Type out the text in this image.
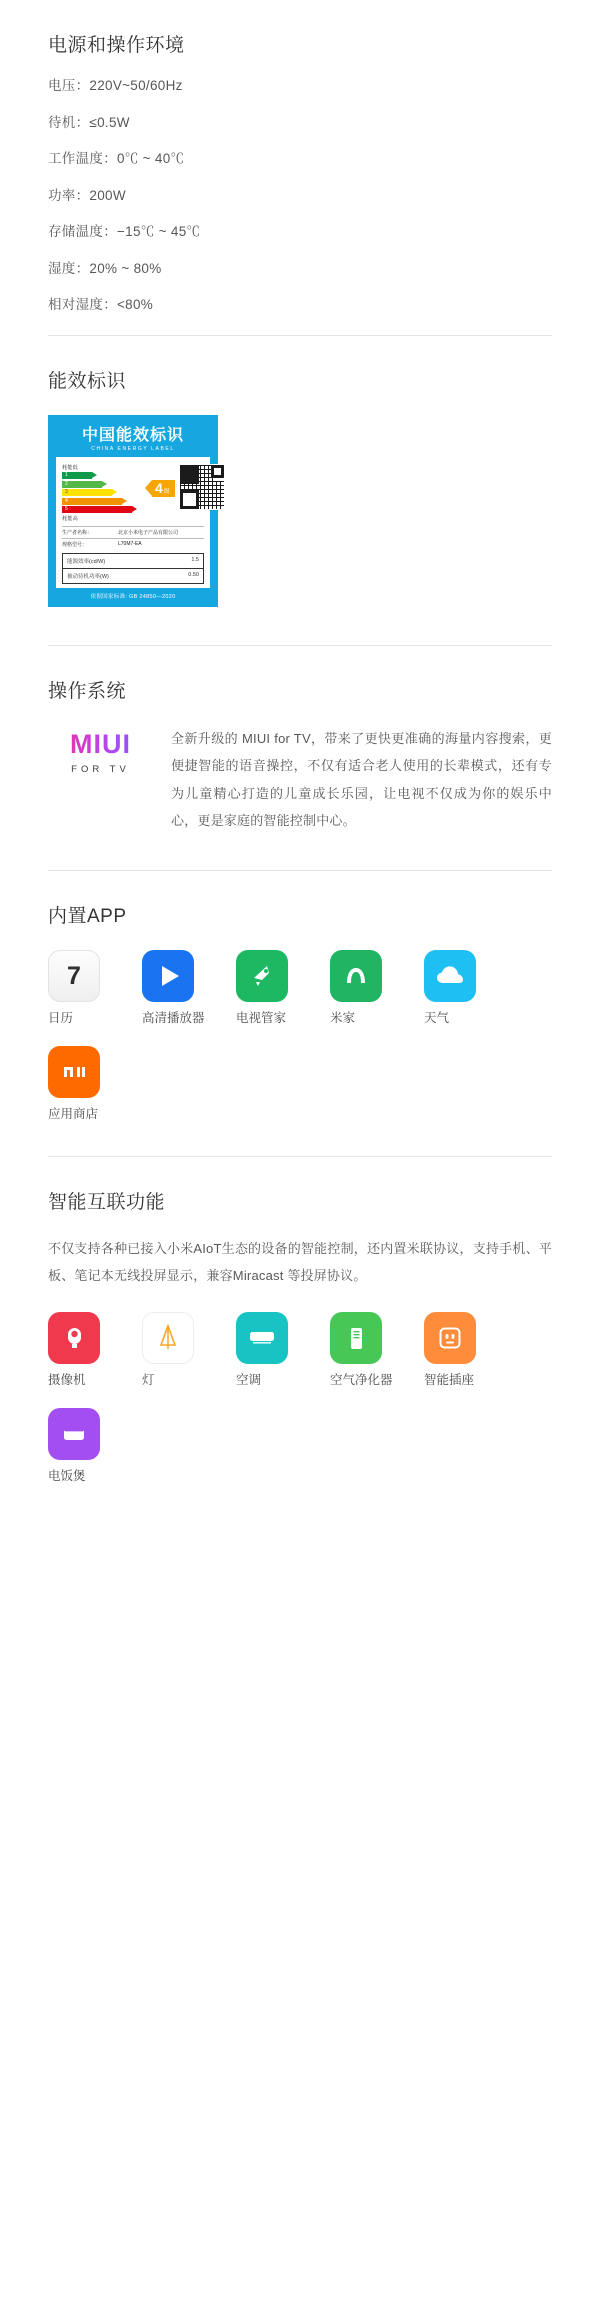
电源和操作环境
电压：220V~50/60Hz
待机：≤0.5W
工作温度：0℃ ~ 40℃
功率：200W
存储温度：−15℃ ~ 45℃
湿度：20% ~ 80%
相对湿度：<80%
能效标识
中国能效标识
CHINA ENERGY LABEL
耗能低
1
2
3
4
5
耗能高
4 级
生产者名称：	北京小米电子产品有限公司
规格型号：	L70M7-EA
能源效率(cd/W)	1.5
被动待机功率(W)	0.50
依据国家标准: GB 24850—2020
操作系统
MIUI
FOR TV
全新升级的 MIUI for TV，带来了更快更准确的海量内容搜索，更便捷智能的语音操控，不仅有适合老人使用的长辈模式，还有专为儿童精心打造的儿童成长乐园，让电视不仅成为你的娱乐中心，更是家庭的智能控制中心。
内置APP
7
日历	高清播放器	电视管家	米家	天气
应用商店
智能互联功能

不仅支持各种已接入小米AIoT生态的设备的智能控制，还内置米联协议，支持手机、平板、笔记本无线投屏显示，兼容Miracast 等投屏协议。

摄像机	灯	空调	空气净化器	智能插座
电饭煲
